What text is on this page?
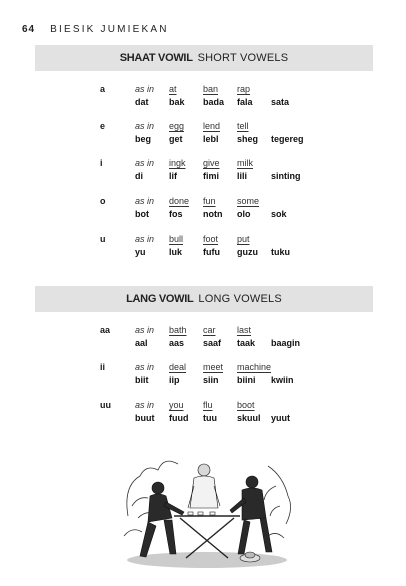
64 BIESIK JUMIEKAN
SHAAT VOWIL SHORT VOWELS
a	as in at	ban rap
dat bak bada fala sata
e	as in egg lend tell
beg get lebl sheg tegereg
i	as in ingk give milk
di	lif	fimi lili	sinting
o	as in done fun some
bot fos notn olo sok
u	as in bull foot put
yu	luk fufu guzu tuku
LANG VOWIL LONG VOWELS
aa	as in bath car last
aal aas saaf taak baagin
ii	as in deal meet machine
biit iip	siin biini kwiin
uu	as in you flu	boot
buut fuud tuu skuul yuut
